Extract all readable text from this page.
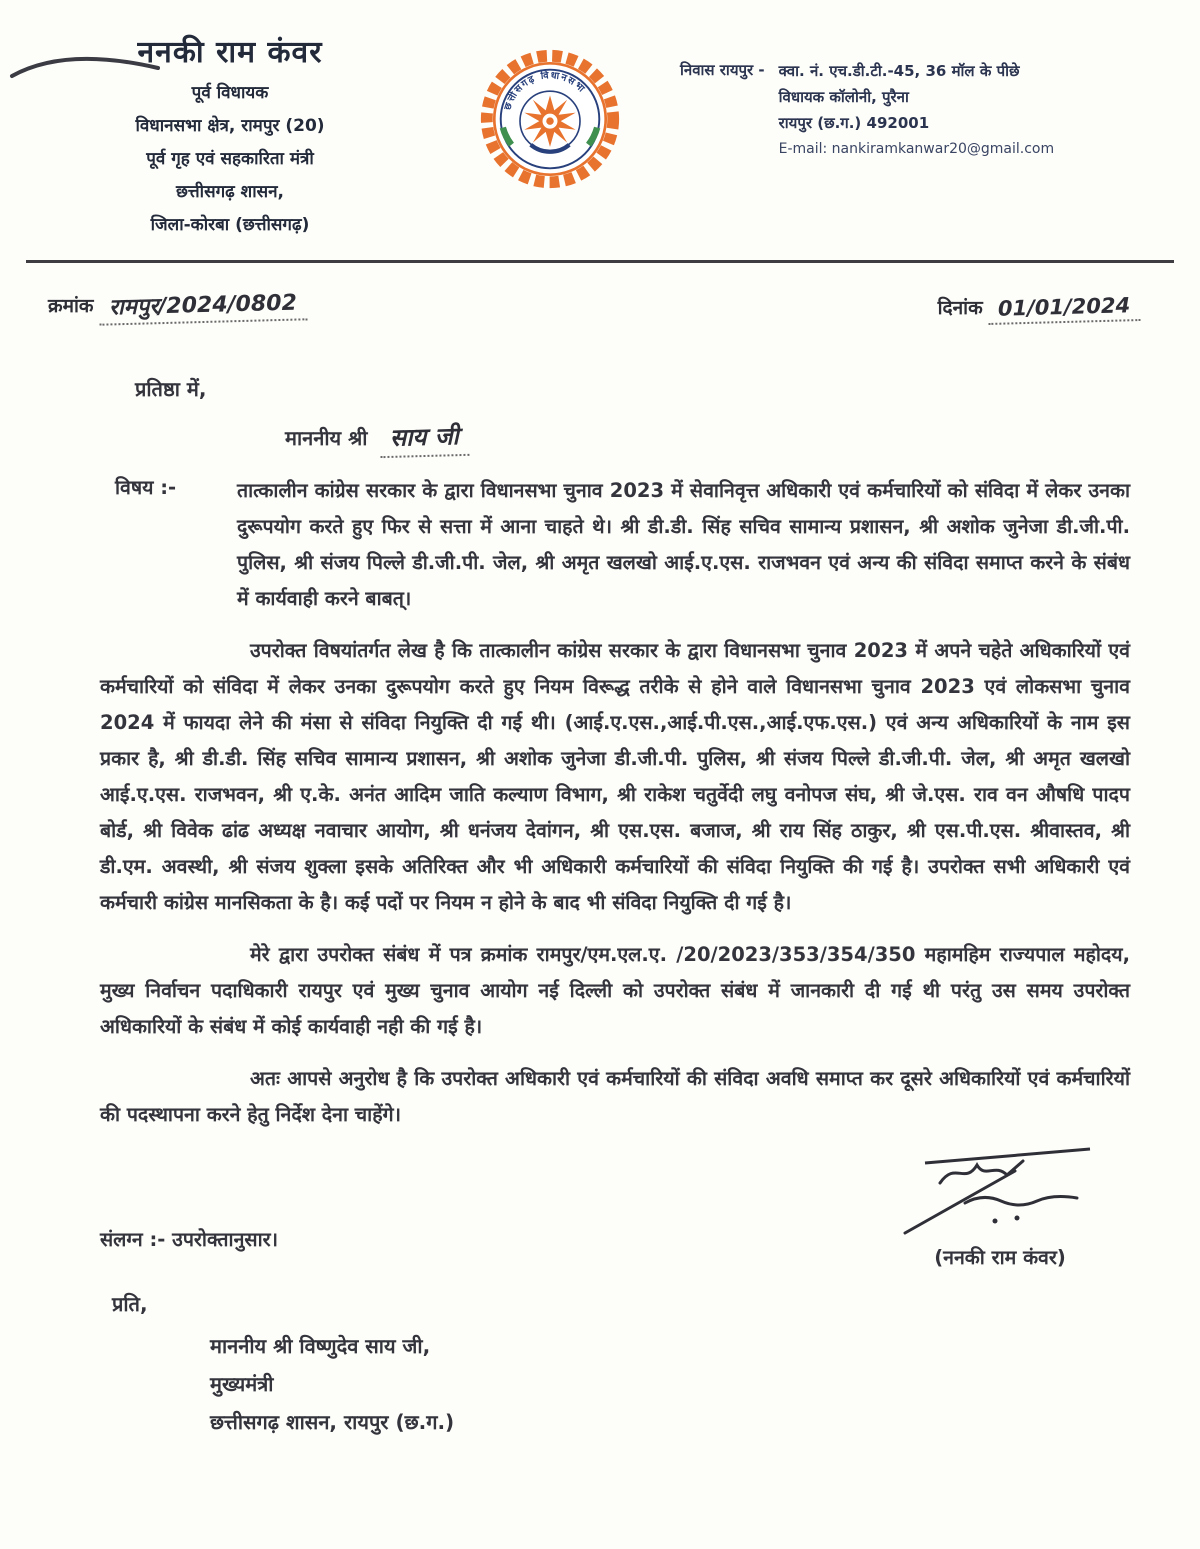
ननकी राम कंवर
पूर्व विधायक
विधानसभा क्षेत्र, रामपुर (20)
पूर्व गृह एवं सहकारिता मंत्री
छत्तीसगढ़ शासन,
जिला-कोरबा (छत्तीसगढ़)
छत्तीसगढ़ विधानसभा
निवास रायपुर - क्वा. नं. एच.डी.टी.-45, 36 मॉल के पीछे
विधायक कॉलोनी, पुरैना
रायपुर (छ.ग.) 492001
E-mail: nankiramkanwar20@gmail.com
क्रमांक रामपुर/2024/0802	दिनांक 01/01/2024
प्रतिष्ठा में,
माननीय श्री साय जी
विषय :-	तात्कालीन कांग्रेस सरकार के द्वारा विधानसभा चुनाव 2023 में सेवानिवृत्त अधिकारी एवं कर्मचारियों को संविदा में लेकर उनका दुरूपयोग करते हुए फिर से सत्ता में आना चाहते थे। श्री डी.डी. सिंह सचिव सामान्य प्रशासन, श्री अशोक जुनेजा डी.जी.पी. पुलिस, श्री संजय पिल्ले डी.जी.पी. जेल, श्री अमृत खलखो आई.ए.एस. राजभवन एवं अन्य की संविदा समाप्त करने के संबंध में कार्यवाही करने बाबत्।

उपरोक्त विषयांतर्गत लेख है कि तात्कालीन कांग्रेस सरकार के द्वारा विधानसभा चुनाव 2023 में अपने चहेते अधिकारियों एवं कर्मचारियों को संविदा में लेकर उनका दुरूपयोग करते हुए नियम विरूद्ध तरीके से होने वाले विधानसभा चुनाव 2023 एवं लोकसभा चुनाव 2024 में फायदा लेने की मंसा से संविदा नियुक्ति दी गई थी। (आई.ए.एस.,आई.पी.एस.,आई.एफ.एस.) एवं अन्य अधिकारियों के नाम इस प्रकार है, श्री डी.डी. सिंह सचिव सामान्य प्रशासन, श्री अशोक जुनेजा डी.जी.पी. पुलिस, श्री संजय पिल्ले डी.जी.पी. जेल, श्री अमृत खलखो आई.ए.एस. राजभवन, श्री ए.के. अनंत आदिम जाति कल्याण विभाग, श्री राकेश चतुर्वेदी लघु वनोपज संघ, श्री जे.एस. राव वन औषधि पादप बोर्ड, श्री विवेक ढांढ अध्यक्ष नवाचार आयोग, श्री धनंजय देवांगन, श्री एस.एस. बजाज, श्री राय सिंह ठाकुर, श्री एस.पी.एस. श्रीवास्तव, श्री डी.एम. अवस्थी, श्री संजय शुक्ला इसके अतिरिक्त और भी अधिकारी कर्मचारियों की संविदा नियुक्ति की गई है। उपरोक्त सभी अधिकारी एवं कर्मचारी कांग्रेस मानसिकता के है। कई पदों पर नियम न होने के बाद भी संविदा नियुक्ति दी गई है।

मेरे द्वारा उपरोक्त संबंध में पत्र क्रमांक रामपुर/एम.एल.ए. /20/2023/353/354/350 महामहिम राज्यपाल महोदय, मुख्य निर्वाचन पदाधिकारी रायपुर एवं मुख्य चुनाव आयोग नई दिल्ली को उपरोक्त संबंध में जानकारी दी गई थी परंतु उस समय उपरोक्त अधिकारियों के संबंध में कोई कार्यवाही नही की गई है।

अतः आपसे अनुरोध है कि उपरोक्त अधिकारी एवं कर्मचारियों की संविदा अवधि समाप्त कर दूसरे अधिकारियों एवं कर्मचारियों की पदस्थापना करने हेतु निर्देश देना चाहेंगे।

संलग्न :- उपरोक्तानुसार।
(ननकी राम कंवर)
प्रति,
माननीय श्री विष्णुदेव साय जी,
मुख्यमंत्री
छत्तीसगढ़ शासन, रायपुर (छ.ग.)
